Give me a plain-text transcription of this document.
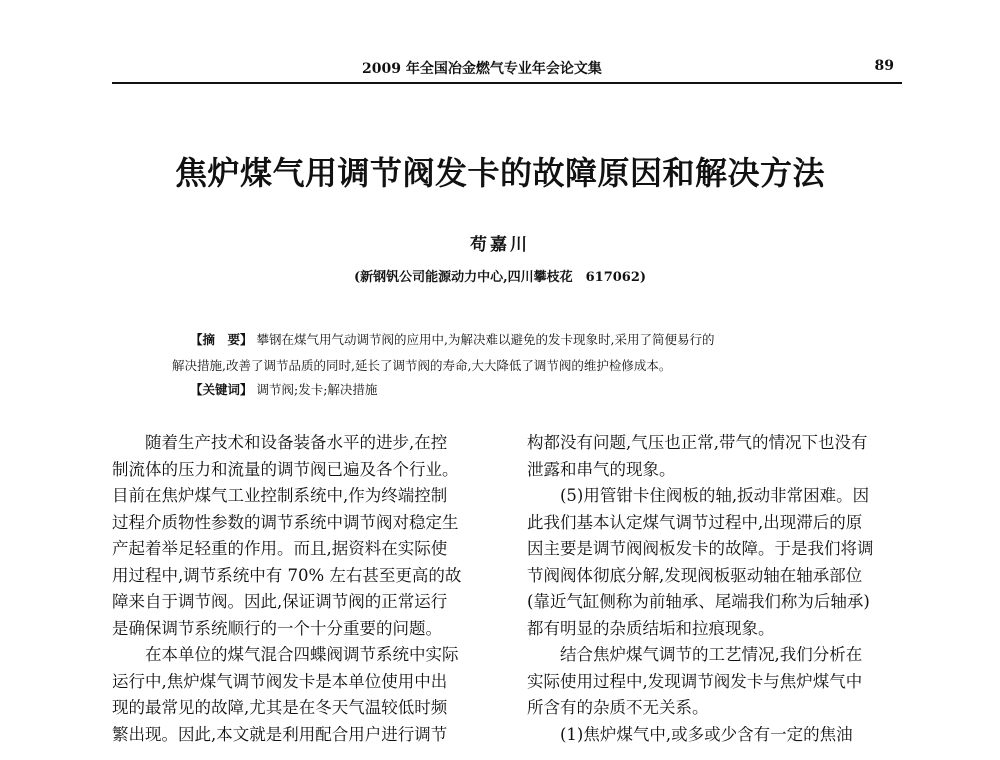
2009 年全国冶金燃气专业年会论文集	89
焦炉煤气用调节阀发卡的故障原因和解决方法
苟嘉川
(新钢钒公司能源动力中心,四川攀枝花　617062)
【摘　要】 攀钢在煤气用气动调节阀的应用中,为解决难以避免的发卡现象时,采用了简便易行的
解决措施,改善了调节品质的同时,延长了调节阀的寿命,大大降低了调节阀的维护检修成本。
【关键词】 调节阀;发卡;解决措施
随着生产技术和设备装备水平的进步,在控
制流体的压力和流量的调节阀已遍及各个行业。
目前在焦炉煤气工业控制系统中,作为终端控制
过程介质物性参数的调节系统中调节阀对稳定生
产起着举足轻重的作用。而且,据资料在实际使
用过程中,调节系统中有 70% 左右甚至更高的故
障来自于调节阀。因此,保证调节阀的正常运行
是确保调节系统顺行的一个十分重要的问题。
在本单位的煤气混合四蝶阀调节系统中实际
运行中,焦炉煤气调节阀发卡是本单位使用中出
现的最常见的故障,尤其是在冬天气温较低时频
繁出现。因此,本文就是利用配合用户进行调节
构都没有问题,气压也正常,带气的情况下也没有
泄露和串气的现象。
(5)用管钳卡住阀板的轴,扳动非常困难。因
此我们基本认定煤气调节过程中,出现滞后的原
因主要是调节阀阀板发卡的故障。于是我们将调
节阀阀体彻底分解,发现阀板驱动轴在轴承部位
(靠近气缸侧称为前轴承、尾端我们称为后轴承)
都有明显的杂质结垢和拉痕现象。
结合焦炉煤气调节的工艺情况,我们分析在
实际使用过程中,发现调节阀发卡与焦炉煤气中
所含有的杂质不无关系。
(1)焦炉煤气中,或多或少含有一定的焦油
